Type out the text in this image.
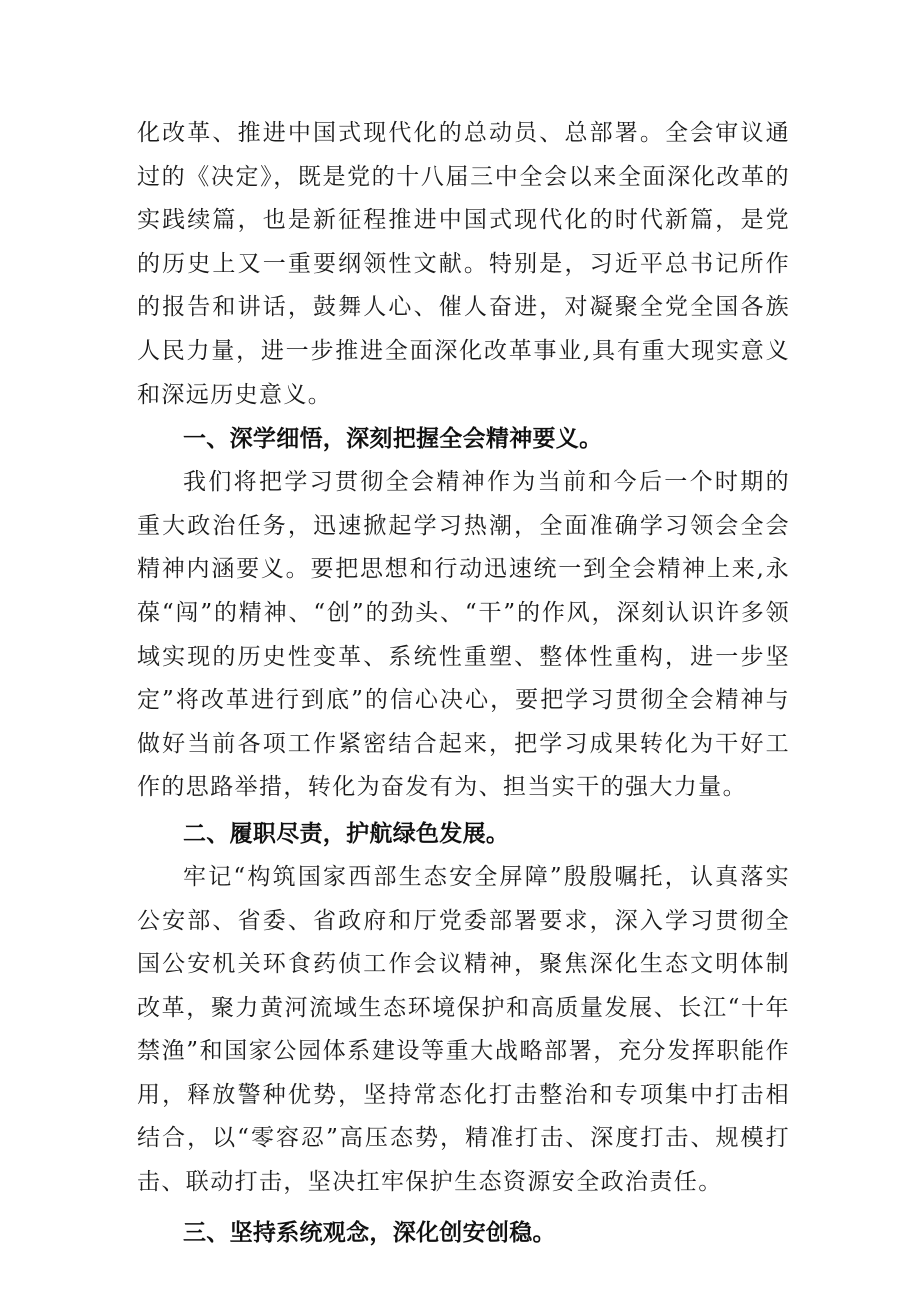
化改革、推进中国式现代化的总动员、总部署。全会审议通过的《决定》，既是党的十八届三中全会以来全面深化改革的实践续篇，也是新征程推进中国式现代化的时代新篇，是党的历史上又一重要纲领性文献。特别是，习近平总书记所作的报告和讲话，鼓舞人心、催人奋进，对凝聚全党全国各族人民力量，进一步推进全面深化改革事业,具有重大现实意义和深远历史意义。

一、深学细悟，深刻把握全会精神要义。

我们将把学习贯彻全会精神作为当前和今后一个时期的重大政治任务，迅速掀起学习热潮，全面准确学习领会全会精神内涵要义。要把思想和行动迅速统一到全会精神上来,永葆“闯”的精神、“创”的劲头、“干”的作风，深刻认识许多领域实现的历史性变革、系统性重塑、整体性重构，进一步坚定”将改革进行到底”的信心决心，要把学习贯彻全会精神与做好当前各项工作紧密结合起来，把学习成果转化为干好工作的思路举措，转化为奋发有为、担当实干的强大力量。

二、履职尽责，护航绿色发展。

牢记“构筑国家西部生态安全屏障”殷殷嘱托，认真落实公安部、省委、省政府和厅党委部署要求，深入学习贯彻全国公安机关环食药侦工作会议精神，聚焦深化生态文明体制改革，聚力黄河流域生态环境保护和高质量发展、长江“十年禁渔”和国家公园体系建设等重大战略部署，充分发挥职能作用，释放警种优势，坚持常态化打击整治和专项集中打击相结合，以“零容忍”高压态势，精准打击、深度打击、规模打击、联动打击，坚决扛牢保护生态资源安全政治责任。

三、坚持系统观念，深化创安创稳。
